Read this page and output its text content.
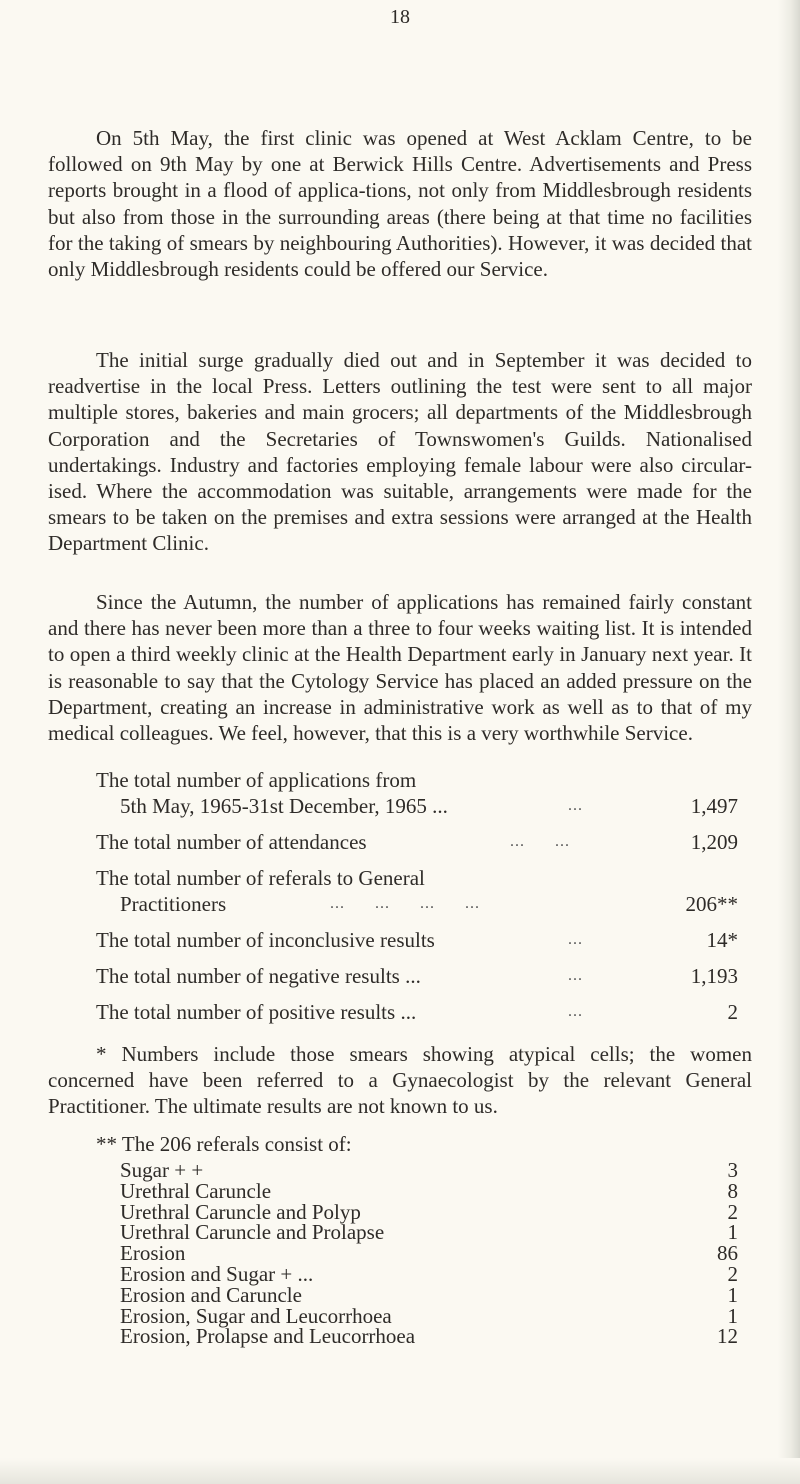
18

On 5th May, the first clinic was opened at West Acklam Centre, to be followed on 9th May by one at Berwick Hills Centre. Advertisements and Press reports brought in a flood of applica-tions, not only from Middlesbrough residents but also from those in the surrounding areas (there being at that time no facilities for the taking of smears by neighbouring Authorities). However, it was decided that only Middlesbrough residents could be offered our Service.

The initial surge gradually died out and in September it was decided to readvertise in the local Press. Letters outlining the test were sent to all major multiple stores, bakeries and main grocers; all departments of the Middlesbrough Corporation and the Secretaries of Townswomen's Guilds. Nationalised undertakings. Industry and factories employing female labour were also circular-ised. Where the accommodation was suitable, arrangements were made for the smears to be taken on the premises and extra sessions were arranged at the Health Department Clinic.

Since the Autumn, the number of applications has remained fairly constant and there has never been more than a three to four weeks waiting list. It is intended to open a third weekly clinic at the Health Department early in January next year. It is reasonable to say that the Cytology Service has placed an added pressure on the Department, creating an increase in administrative work as well as to that of my medical colleagues. We feel, however, that this is a very worthwhile Service.

The total number of applications from
5th May, 1965-31st December, 1965 ...	...	1,497
The total number of attendances	...      ...	1,209
The total number of referals to General
Practitioners	...      ...      ...      ...	206**
The total number of inconclusive results	...	14*
The total number of negative results ...	...	1,193
The total number of positive results ...	...	2

* Numbers include those smears showing atypical cells; the women concerned have been referred to a Gynaecologist by the relevant General Practitioner. The ultimate results are not known to us.

** The 206 referals consist of:
Sugar + +	3
Urethral Caruncle	8
Urethral Caruncle and Polyp	2
Urethral Caruncle and Prolapse	1
Erosion	86
Erosion and Sugar + ...	2
Erosion and Caruncle	1
Erosion, Sugar and Leucorrhoea	1
Erosion, Prolapse and Leucorrhoea	12
